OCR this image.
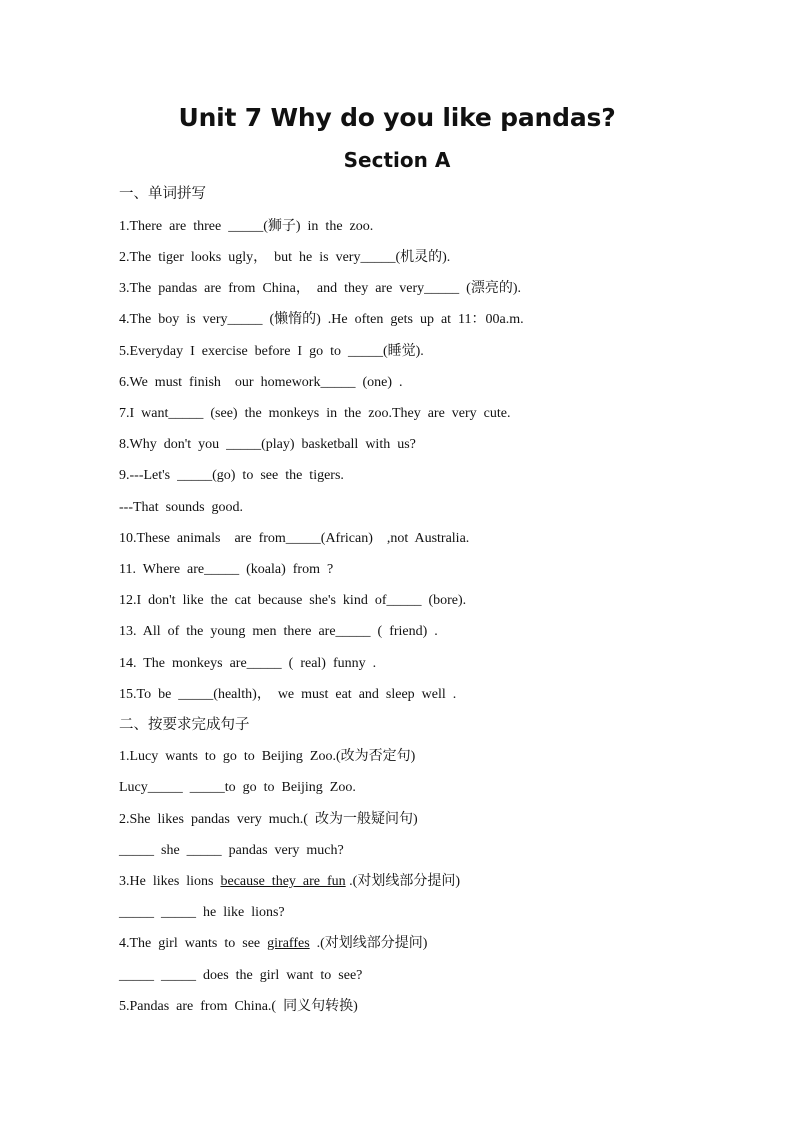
Unit 7 Why do you like pandas?
Section A
一、单词拼写
1.There  are  three  _____(狮子)  in  the  zoo.
2.The  tiger  looks  ugly，  but  he  is  very_____(机灵的).
3.The  pandas  are  from  China，  and  they  are  very_____  (漂亮的).
4.The  boy  is  very_____  (懒惰的)  .He  often  gets  up  at  11：00a.m.
5.Everyday  I  exercise  before  I  go  to  _____(睡觉).
6.We  must  finish    our  homework_____  (one)  .
7.I  want_____  (see)  the  monkeys  in  the  zoo.They  are  very  cute.
8.Why  don't  you  _____(play)  basketball  with  us?
9.---Let's  _____(go)  to  see  the  tigers.
---That  sounds  good.
10.These  animals    are  from_____(African)    ,not  Australia.
11.  Where  are_____  (koala)  from  ?
12.I  don't  like  the  cat  because  she's  kind  of_____  (bore).
13.  All  of  the  young  men  there  are_____  (  friend)  .
14.  The  monkeys  are_____  (  real)  funny  .
15.To  be  _____(health)，  we  must  eat  and  sleep  well  .
二、按要求完成句子
1.Lucy  wants  to  go  to  Beijing  Zoo.(改为否定句)
Lucy_____  _____to  go  to  Beijing  Zoo.
2.She  likes  pandas  very  much.(  改为一般疑问句)
_____  she  _____  pandas  very  much?
3.He  likes  lions  because  they  are  fun .(对划线部分提问)
_____  _____  he  like  lions?
4.The  girl  wants  to  see  giraffes  .(对划线部分提问)
_____  _____  does  the  girl  want  to  see?
5.Pandas  are  from  China.(  同义句转换)
